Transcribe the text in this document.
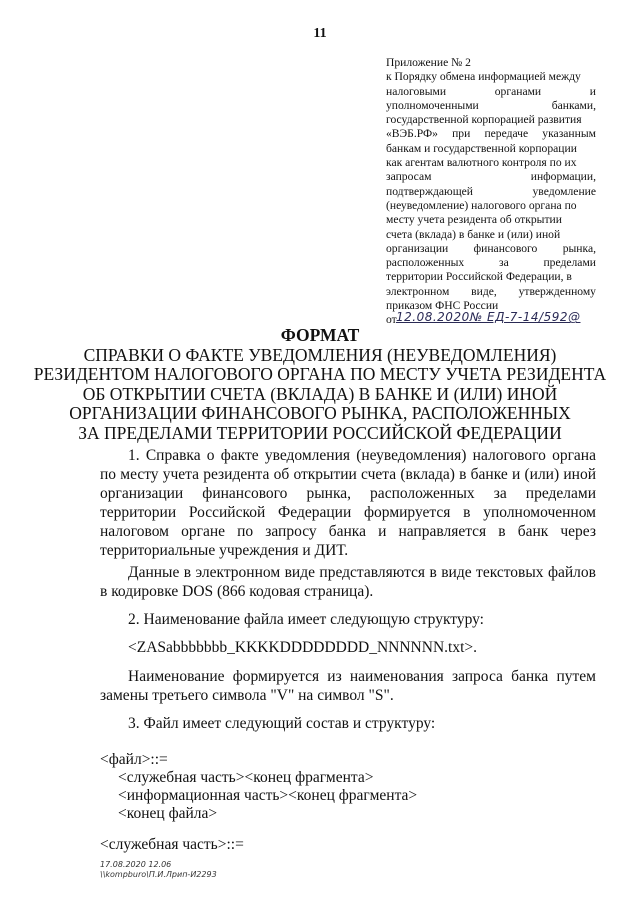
11
Приложение № 2
к Порядку обмена информацией между
налоговыми	органами	и
уполномоченными	банками,
государственной корпорацией развития
«ВЭБ.РФ» при передаче указанным
банкам и государственной корпорации
как агентам валютного контроля по их
запросам	информации,
подтверждающей	уведомление
(неуведомление) налогового органа по
месту учета резидента об открытии
счета (вклада) в банке и (или) иной
организации финансового рынка,
расположенных	за	пределами
территории Российской Федерации, в
электронном виде, утвержденному
приказом ФНС России
от 12.08.2020№ ЕД-7-14/592@
ФОРМАТ
СПРАВКИ О ФАКТЕ УВЕДОМЛЕНИЯ (НЕУВЕДОМЛЕНИЯ)
РЕЗИДЕНТОМ НАЛОГОВОГО ОРГАНА ПО МЕСТУ УЧЕТА РЕЗИДЕНТА
ОБ ОТКРЫТИИ СЧЕТА (ВКЛАДА) В БАНКЕ И (ИЛИ) ИНОЙ
ОРГАНИЗАЦИИ ФИНАНСОВОГО РЫНКА, РАСПОЛОЖЕННЫХ
ЗА ПРЕДЕЛАМИ ТЕРРИТОРИИ РОССИЙСКОЙ ФЕДЕРАЦИИ
1. Справка о факте уведомления (неуведомления) налогового органа по месту учета резидента об открытии счета (вклада) в банке и (или) иной организации финансового рынка, расположенных за пределами территории Российской Федерации формируется в уполномоченном налоговом органе по запросу банка и направляется в банк через территориальные учреждения и ДИТ.
Данные в электронном виде представляются в виде текстовых файлов в кодировке DOS (866 кодовая страница).
2. Наименование файла имеет следующую структуру:
<ZASabbbbbbb_KKKKDDDDDDDD_NNNNNN.txt>.
Наименование формируется из наименования запроса банка путем замены третьего символа "V" на символ "S".
3. Файл имеет следующий состав и структуру:
<файл>::=
<служебная часть><конец фрагмента>
<информационная часть><конец фрагмента>
<конец файла>
<служебная часть>::=
17.08.2020 12.06
\\kompburo\П.И.Лрип-И2293
